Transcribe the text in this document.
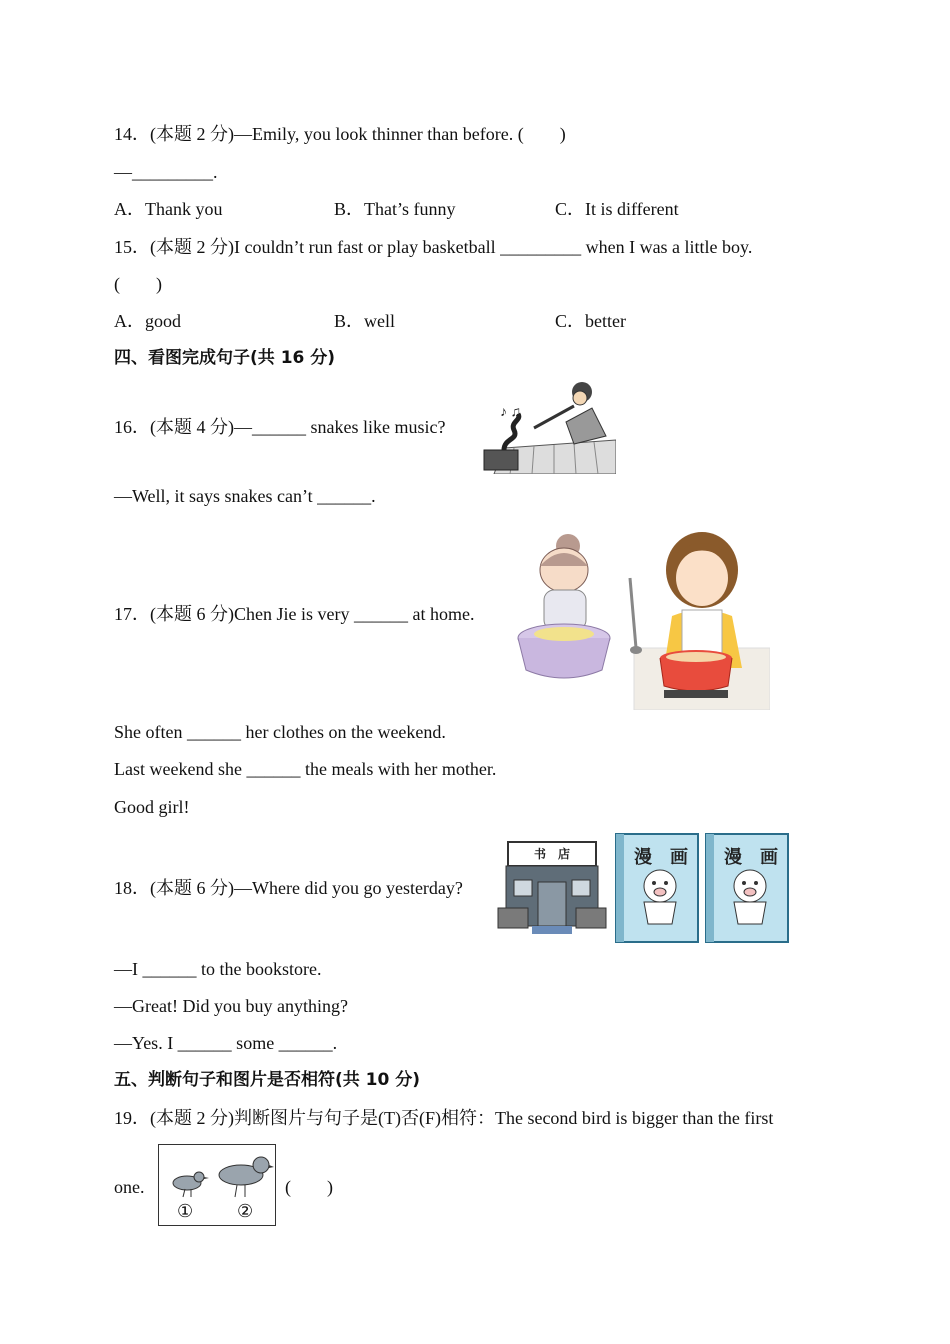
14．(本题 2 分)—Emily, you look thinner than before. (　　)
—_________.
A．Thank you	B．That’s funny	C．It is different
15．(本题 2 分)I couldn’t run fast or play basketball _________ when I was a little boy.
(　　)
A．good	B．well	C．better
四、看图完成句子(共 16 分)
16．(本题 4 分)—______ snakes like music?
♪ ♫
—Well, it says snakes can’t ______.
17．(本题 6 分)Chen Jie is very ______ at home.
She often ______ her clothes on the weekend.
Last weekend she ______ the meals with her mother.
Good girl!
18．(本题 6 分)—Where did you go yesterday?
书　店	漫　画	漫　画
—I ______ to the bookstore.
—Great! Did you buy anything?
—Yes. I ______ some ______.
五、判断句子和图片是否相符(共 10 分)
19．(本题 2 分)判断图片与句子是(T)否(F)相符：The second bird is bigger than the first
one.
① ②
(　　)
